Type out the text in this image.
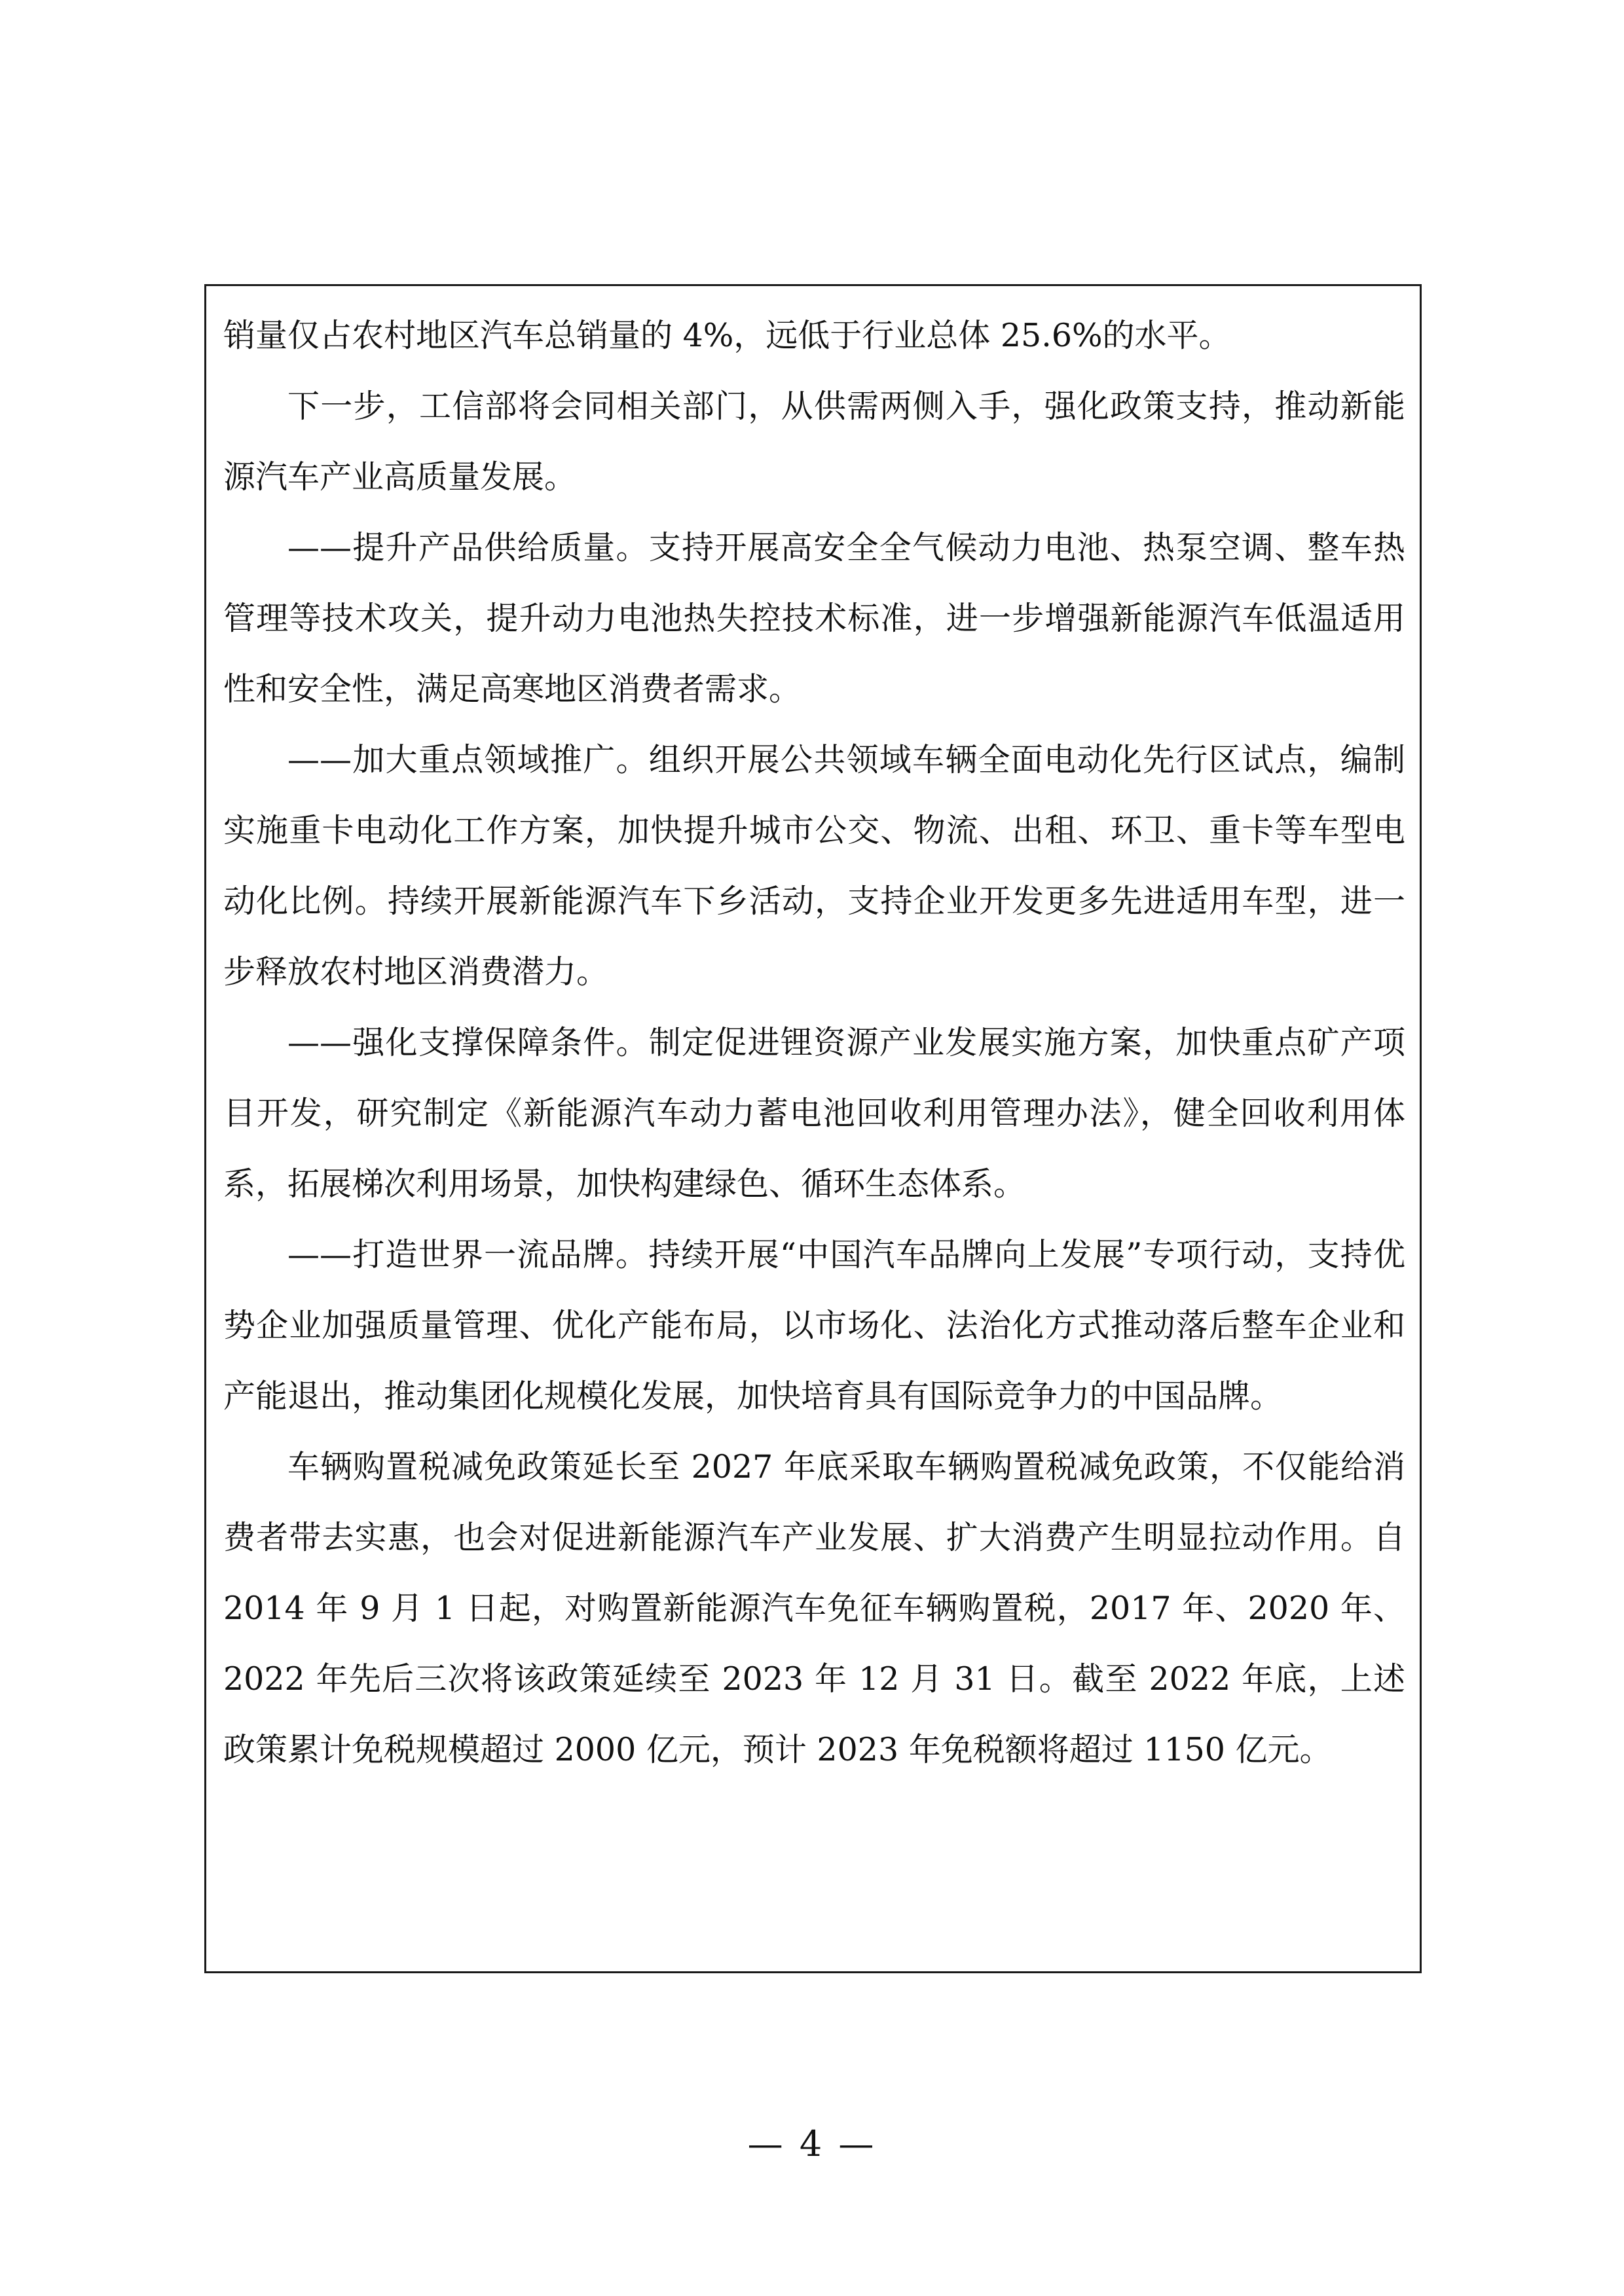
销量仅占农村地区汽车总销量的 4%，远低于行业总体 25.6%的水平。

下一步，工信部将会同相关部门，从供需两侧入手，强化政策支持，推动新能源汽车产业高质量发展。

——提升产品供给质量。支持开展高安全全气候动力电池、热泵空调、整车热管理等技术攻关，提升动力电池热失控技术标准，进一步增强新能源汽车低温适用性和安全性，满足高寒地区消费者需求。

——加大重点领域推广。组织开展公共领域车辆全面电动化先行区试点，编制实施重卡电动化工作方案，加快提升城市公交、物流、出租、环卫、重卡等车型电动化比例。持续开展新能源汽车下乡活动，支持企业开发更多先进适用车型，进一步释放农村地区消费潜力。

——强化支撑保障条件。制定促进锂资源产业发展实施方案，加快重点矿产项目开发，研究制定《新能源汽车动力蓄电池回收利用管理办法》，健全回收利用体系，拓展梯次利用场景，加快构建绿色、循环生态体系。

——打造世界一流品牌。持续开展“中国汽车品牌向上发展”专项行动，支持优势企业加强质量管理、优化产能布局，以市场化、法治化方式推动落后整车企业和产能退出，推动集团化规模化发展，加快培育具有国际竞争力的中国品牌。

车辆购置税减免政策延长至 2027 年底采取车辆购置税减免政策，不仅能给消费者带去实惠，也会对促进新能源汽车产业发展、扩大消费产生明显拉动作用。自 2014 年 9 月 1 日起，对购置新能源汽车免征车辆购置税，2017 年、2020 年、2022 年先后三次将该政策延续至 2023 年 12 月 31 日。截至 2022 年底，上述政策累计免税规模超过 2000 亿元，预计 2023 年免税额将超过 1150 亿元。

— 4 —
